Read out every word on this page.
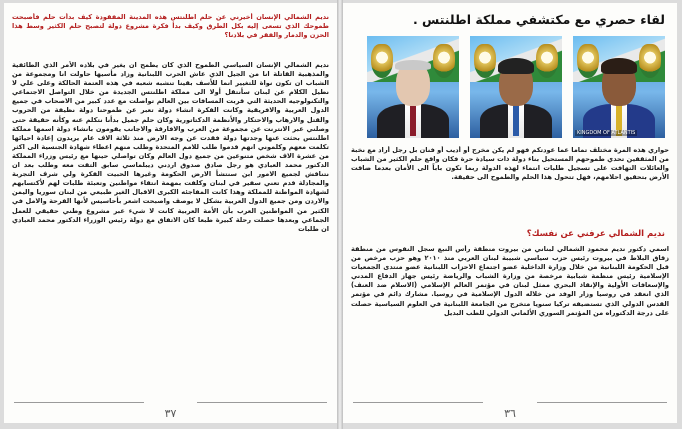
نديم الشمالي الإنسان أخيرني عن حلم اطلنتس هذه المدينة المفقودة كيف بدأت حلم فأصبحت طموحك الذي تسعى إليه بكل الطرق وكيف بدأ فكرة مشروع دولة لتصبح حلم الكثير وسط هذا الحزن والدمار والفقر في بلادنا؟

نديم الشمالي الإنسان السياسي الطموح الذي كان يطمح ان يغير في بلاده الأمر الذي الطائفية والمذهبية القاتلة انا من الجيل الذي عاش الحرب اللبنانية وزاد مأسيها حاولت انا ومجموعة من الشباب ان تكون نواة للتغيير انما للأسف بقينا تنشبه شعبه في هذه العتمة الحالكة وعلى علي لا نطيل الكلام عن لبنان سأنتقل أولا الى مملكة اطلنتس الجديدة من خلال التواصل الاجتماعي والتكنولوجيه الحديثة التي قربت المسافات بين العالم تواصلت مع عدد كبير من الاصحاب في جميع الدول العربية والافريقية وكانت الفكرة انشاء دولة تعبر عن طموحنا دولة نظيفة من الحروب والقتل والارهاب والاحتكار والأنظمة الدكتاتورية وكان حلم جميل بدأنا نتكلم عنه وكأنه حقيقة حتى وصلني عبر الانترنت عن مجموعة من العرب والافارقة والاجانب يقومون بانشاء دولة اسمها مملكة اطلنتس بحثت عنها وجدتها دولة فقدت عن وجه الارض منذ ثلاثة الاف عام يريدون إعادة احيائها تكلمت معهم وكلموني انهم قدموا طلب للامم المتحدة وطلب منهم اعطاء شهادة الجنسية الى اكثر من عشرة الاف شخص متنوعين من جميع دول العالم وكان تواصلي حينها مع رئيس وزراء المملكة الدكتور محمد العبادي هو رجل صادق صدوق اردني ديبلماسي سابق التقت معه وطلب بعد ان نتناقش لجميع الامور ابن سنتشأ الارض الحكومة وغيرها الحبيت الفكرة ولي شرف التجربة والمجادلة قدم تعني سفير في لبنان وكلفت بمهمة انتقاء مواطنين وتعبئة طلبات لهم لأكتسابهم لشهادة المواطنة للمملكة وهذا كانت المفاجئه الكبرى الاقبال الغير طبيعي من لبنان سوريا واليمن والاردن ومن جميع الدول العربية بشكل لا يوصف واصبحت اشعر بأحاسيس لأنها الفرحة والامل في الكثير من المواطنين العرب بأن الأمة العربية كانت لا شيء عبر مشروع وطني حقيقي للعمل الجماعي وبعدها حصلت رحلة كبيرة طبعا كان الاتفاق مع دولة رئيس الوزراء الدكتور محمد العبادي ان طلبات

٣٧
لقاء حصري مع مكتشفي مملكة اطلنتس .
KINGDOM OF ATLANTIS

حواري هذه المرة مختلف تماما عما عودتكم فهو لم يكن مخرج أو أديب أو فنان بل رجل أراد مع نخبة من المثقفين تحدي طموحهم المستحيل بناء دولة ذات سيادة حرة فكان واقع حلم الكثير من الشباب والعائلات التهافت على تسجيل طلبات انتماء لهذه الدولة ربما تكون باباً الى الأمان بعدما ضاقت الأرض بتحقيق احلامهم، فهل تتحول هذا الحلم والطموح الى حقيقة.

نديم الشمالي عرفني عن نفسك؟

اسمي دكتور نديم محمود الشمالي لبناني من بيروت منطقة رأس النبع سجل النفوس من منطقة زقاق البلاط في بيروت رئيس حزب سياسي شبيبة لبنان العربي منذ ٢٠١٠ وهو حزب مرخص من قبل الحكومة اللبنانية من خلال وزارة الداخلية عضو اجتماع الاحزاب اللبنانية عضو منتدى الجمعيات الإسلامية رئيس منظمة شبابية مرخصة من وزارة الشباب والرياضة رئيس جهاز الدفاع المدني والإسعافات الأولية والإنقاذ البحري ممثل لبنان في مؤتمر العالم الإسلامي (الاسلام ضد العنف) الذي انعقد في روسيا وزار الوفد من خلاله الدول الإسلامية في روسيا. مشارك دائم في مؤتمر القدس الدولي الذي تستضيفه تركيا سنويا متخرج من الجامعة اللبنانية في العلوم السياسية حصلت على درجة الدكتوراه من المؤتمر السوري الألماني الدولي للطب البديل

٣٦
